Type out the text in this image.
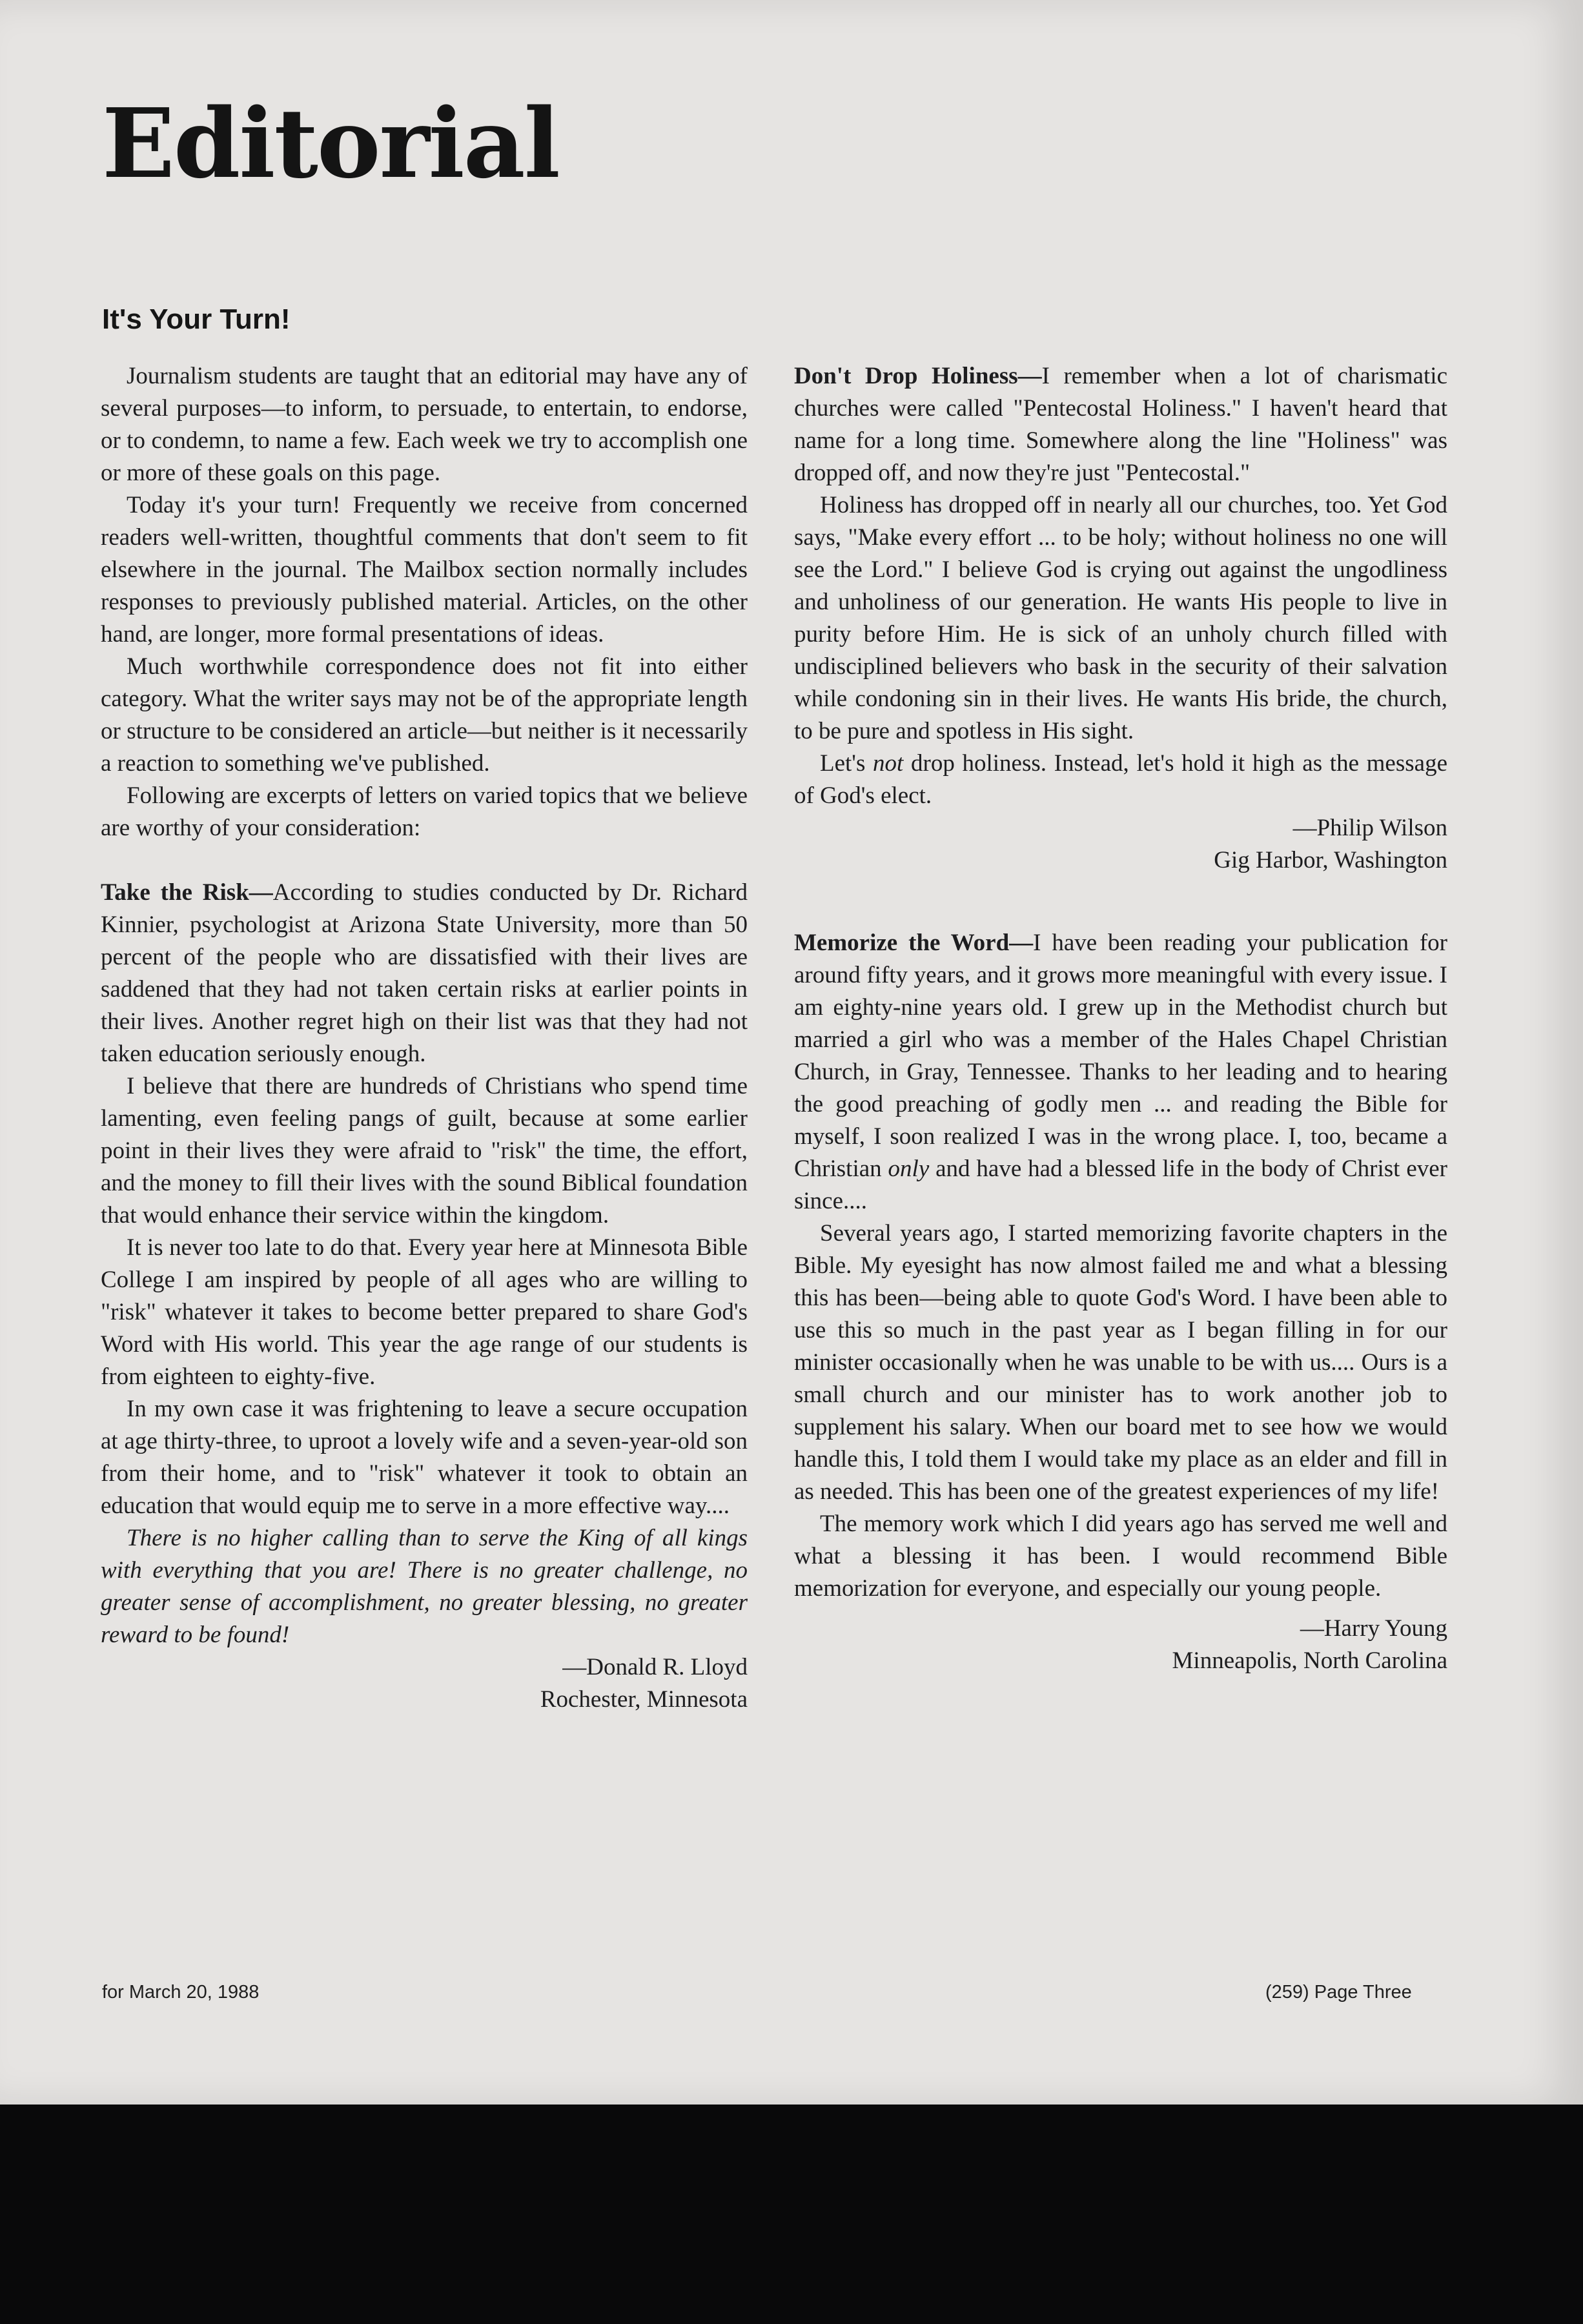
Editorial
It's Your Turn!

Journalism students are taught that an editorial may have any of several purposes—to inform, to persuade, to entertain, to endorse, or to condemn, to name a few. Each week we try to accomplish one or more of these goals on this page.

Today it's your turn! Frequently we receive from concerned readers well-written, thoughtful comments that don't seem to fit elsewhere in the journal. The Mailbox section normally includes responses to previously published material. Articles, on the other hand, are longer, more formal presentations of ideas.

Much worthwhile correspondence does not fit into either category. What the writer says may not be of the appropriate length or structure to be considered an article—but neither is it necessarily a reaction to something we've published.

Following are excerpts of letters on varied topics that we believe are worthy of your consideration:

Take the Risk—According to studies conducted by Dr. Richard Kinnier, psychologist at Arizona State University, more than 50 percent of the people who are dissatisfied with their lives are saddened that they had not taken certain risks at earlier points in their lives. Another regret high on their list was that they had not taken education seriously enough.

I believe that there are hundreds of Christians who spend time lamenting, even feeling pangs of guilt, because at some earlier point in their lives they were afraid to "risk" the time, the effort, and the money to fill their lives with the sound Biblical foundation that would enhance their service within the kingdom.

It is never too late to do that. Every year here at Minnesota Bible College I am inspired by people of all ages who are willing to "risk" whatever it takes to become better prepared to share God's Word with His world. This year the age range of our students is from eighteen to eighty-five.

In my own case it was frightening to leave a secure occupation at age thirty-three, to uproot a lovely wife and a seven-year-old son from their home, and to "risk" whatever it took to obtain an education that would equip me to serve in a more effective way....

There is no higher calling than to serve the King of all kings with everything that you are! There is no greater challenge, no greater sense of accomplishment, no greater blessing, no greater reward to be found!

—Donald R. Lloyd

Rochester, Minnesota

Don't Drop Holiness—I remember when a lot of charismatic churches were called "Pentecostal Holiness." I haven't heard that name for a long time. Somewhere along the line "Holiness" was dropped off, and now they're just "Pentecostal."

Holiness has dropped off in nearly all our churches, too. Yet God says, "Make every effort ... to be holy; without holiness no one will see the Lord." I believe God is crying out against the ungodliness and unholiness of our generation. He wants His people to live in purity before Him. He is sick of an unholy church filled with undisciplined believers who bask in the security of their salvation while condoning sin in their lives. He wants His bride, the church, to be pure and spotless in His sight.

Let's not drop holiness. Instead, let's hold it high as the message of God's elect.

—Philip Wilson

Gig Harbor, Washington

Memorize the Word—I have been reading your publication for around fifty years, and it grows more meaningful with every issue. I am eighty-nine years old. I grew up in the Methodist church but married a girl who was a member of the Hales Chapel Christian Church, in Gray, Tennessee. Thanks to her leading and to hearing the good preaching of godly men ... and reading the Bible for myself, I soon realized I was in the wrong place. I, too, became a Christian only and have had a blessed life in the body of Christ ever since....

Several years ago, I started memorizing favorite chapters in the Bible. My eyesight has now almost failed me and what a blessing this has been—being able to quote God's Word. I have been able to use this so much in the past year as I began filling in for our minister occasionally when he was unable to be with us.... Ours is a small church and our minister has to work another job to supplement his salary. When our board met to see how we would handle this, I told them I would take my place as an elder and fill in as needed. This has been one of the greatest experiences of my life!

The memory work which I did years ago has served me well and what a blessing it has been. I would recommend Bible memorization for everyone, and especially our young people.

—Harry Young

Minneapolis, North Carolina

for March 20, 1988	(259) Page Three
